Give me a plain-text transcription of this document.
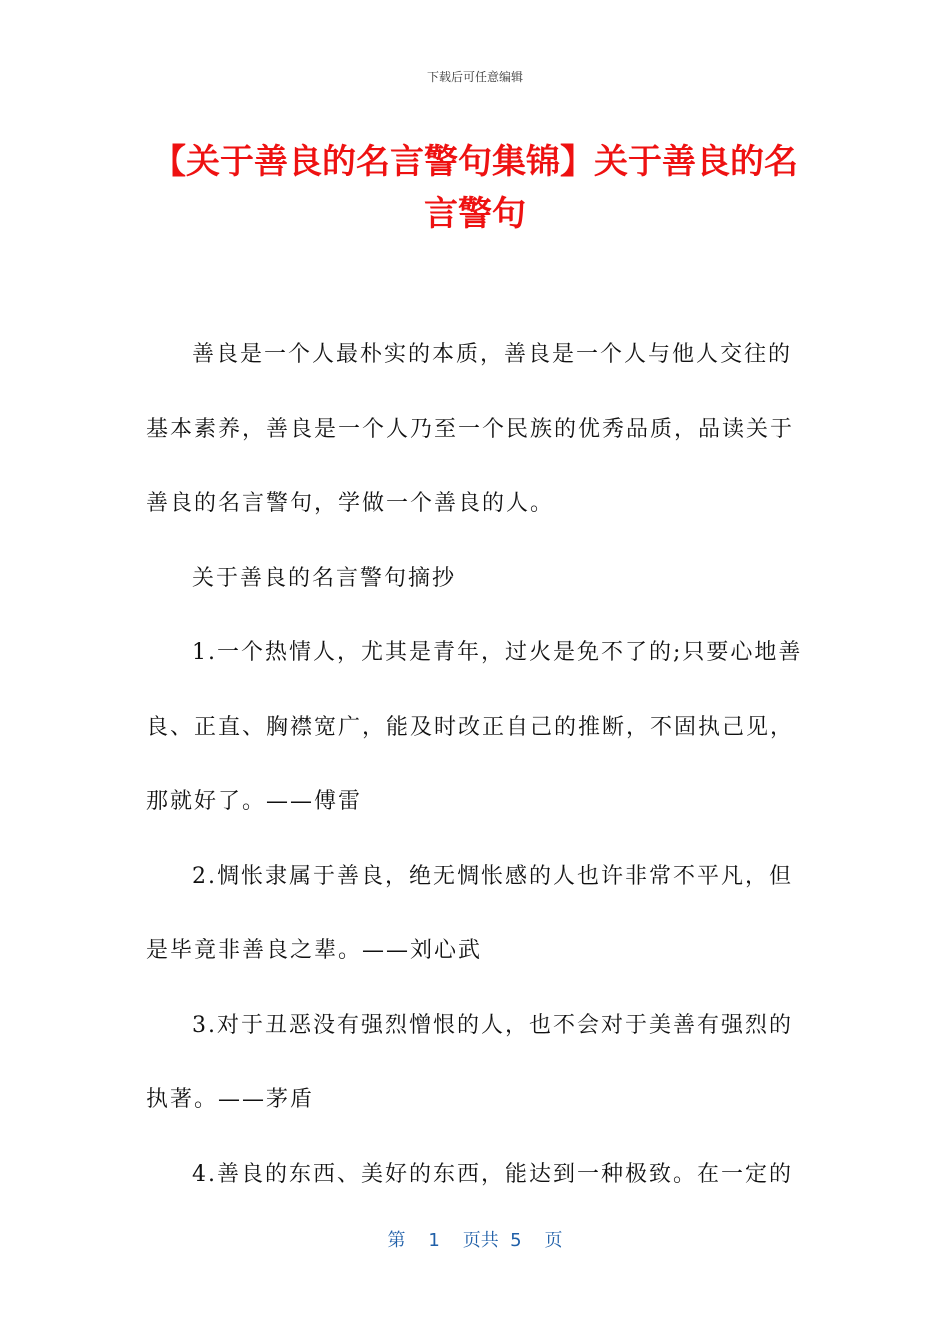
下载后可任意编辑
【关于善良的名言警句集锦】关于善良的名言警句

善良是一个人最朴实的本质，善良是一个人与他人交往的基本素养，善良是一个人乃至一个民族的优秀品质，品读关于善良的名言警句，学做一个善良的人。

关于善良的名言警句摘抄

1.一个热情人，尤其是青年，过火是免不了的;只要心地善良、正直、胸襟宽广，能及时改正自己的推断，不固执己见，那就好了。——傅雷

2.惆怅隶属于善良，绝无惆怅感的人也许非常不平凡，但是毕竟非善良之辈。——刘心武

3.对于丑恶没有强烈憎恨的人，也不会对于美善有强烈的执著。——茅盾

4.善良的东西、美好的东西，能达到一种极致。在一定的

第 1 页共 5 页
